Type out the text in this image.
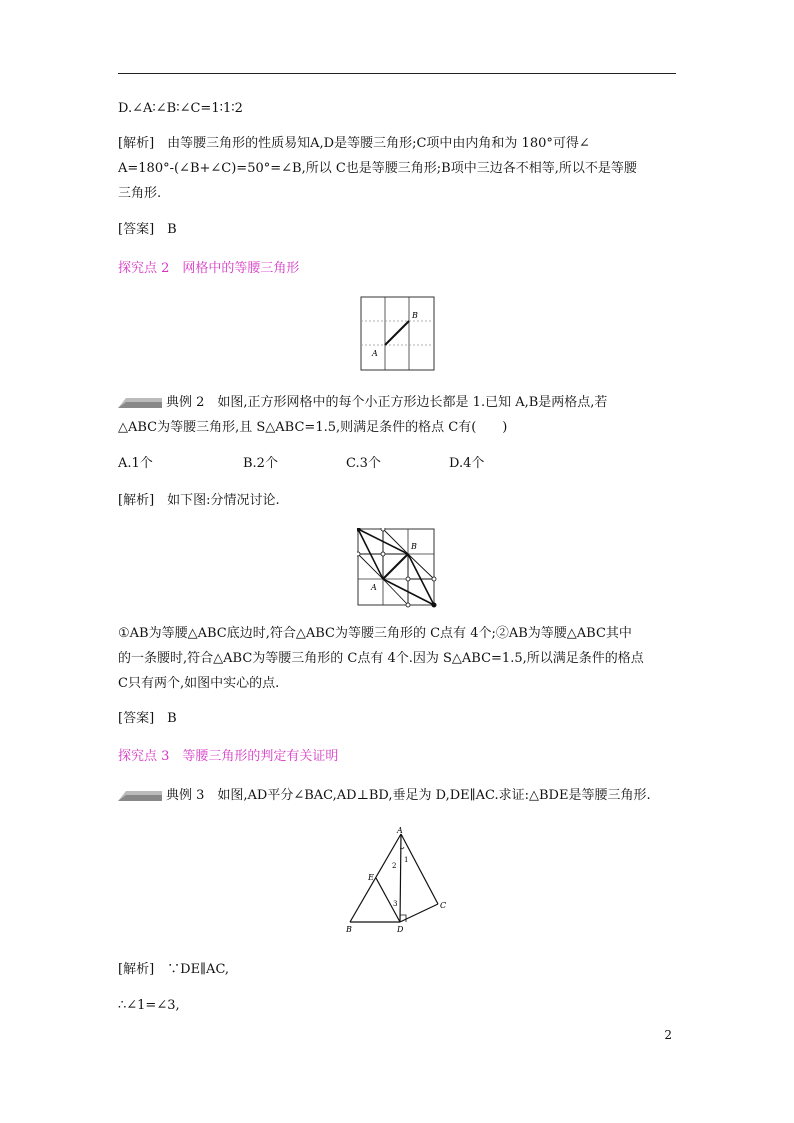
D.∠A∶∠B∶∠C=1∶1∶2
[解析]　由等腰三角形的性质易知A,D是等腰三角形;C项中由内角和为 180°可得∠
A=180°-(∠B+∠C)=50°=∠B,所以 C也是等腰三角形;B项中三边各不相等,所以不是等腰
三角形.
[答案]　B
探究点 2　网格中的等腰三角形
B
A
典例 2　如图,正方形网格中的每个小正方形边长都是 1.已知 A,B是两格点,若
△ABC为等腰三角形,且 S△ABC=1.5,则满足条件的格点 C有(　　)
A.1个	B.2个	C.3个	D.4个
[解析]　如下图:分情况讨论.
B
A
①AB为等腰△ABC底边时,符合△ABC为等腰三角形的 C点有 4个;②AB为等腰△ABC其中
的一条腰时,符合△ABC为等腰三角形的 C点有 4个.因为 S△ABC=1.5,所以满足条件的格点
C只有两个,如图中实心的点.
[答案]　B
探究点 3　等腰三角形的判定有关证明
典例 3　如图,AD平分∠BAC,AD⊥BD,垂足为 D,DE∥AC.求证:△BDE是等腰三角形.
A
B	D
C
E
1
2
3
[解析]　∵DE∥AC,
∴∠1=∠3,
2
